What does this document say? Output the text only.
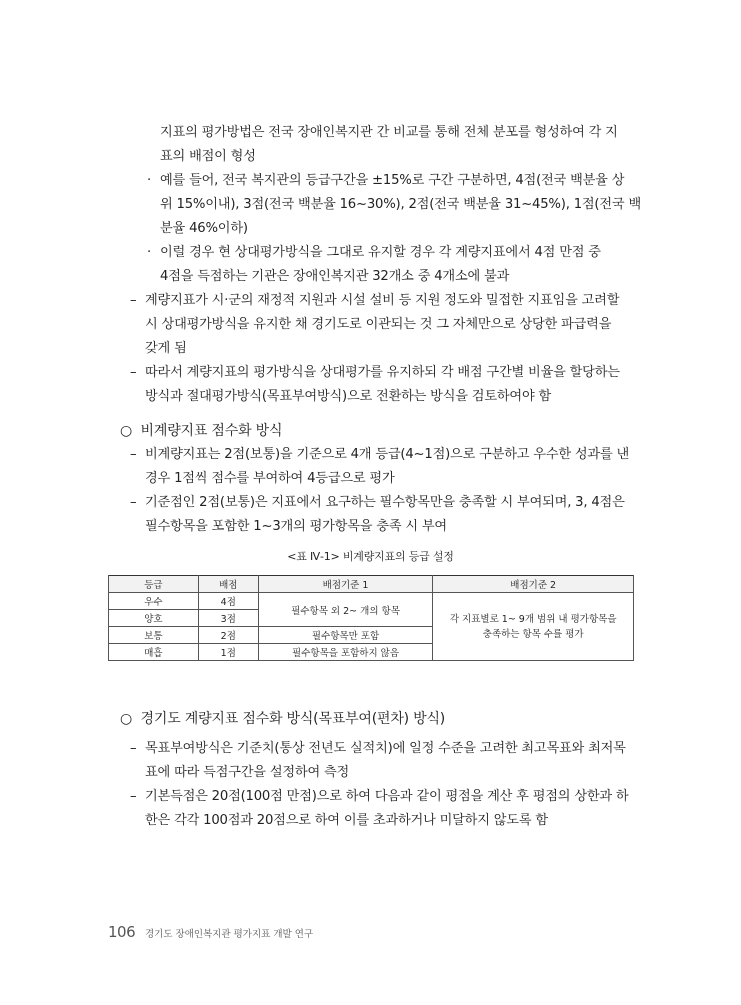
지표의 평가방법은 전국 장애인복지관 간 비교를 통해 전체 분포를 형성하여 각 지
표의 배점이 형성
· 예를 들어, 전국 복지관의 등급구간을 ±15%로 구간 구분하면, 4점(전국 백분율 상
위 15%이내), 3점(전국 백분율 16~30%), 2점(전국 백분율 31~45%), 1점(전국 백
분율 46%이하)
· 이럴 경우 현 상대평가방식을 그대로 유지할 경우 각 계량지표에서 4점 만점 중
4점을 득점하는 기관은 장애인복지관 32개소 중 4개소에 불과
– 계량지표가 시·군의 재정적 지원과 시설 설비 등 지원 정도와 밀접한 지표임을 고려할
시 상대평가방식을 유지한 채 경기도로 이관되는 것 그 자체만으로 상당한 파급력을
갖게 됨
– 따라서 계량지표의 평가방식을 상대평가를 유지하되 각 배점 구간별 비율을 할당하는
방식과 절대평가방식(목표부여방식)으로 전환하는 방식을 검토하여야 함
○ 비계량지표 점수화 방식
– 비계량지표는 2점(보통)을 기준으로 4개 등급(4~1점)으로 구분하고 우수한 성과를 낸
경우 1점씩 점수를 부여하여 4등급으로 평가
– 기준점인 2점(보통)은 지표에서 요구하는 필수항목만을 충족할 시 부여되며, 3, 4점은
필수항목을 포함한 1~3개의 평가항목을 충족 시 부여
<표 Ⅳ-1> 비계량지표의 등급 설정
등급	배점	배점기준 1	배점기준 2
우수	4점	필수항목 외 2~ 개의 항목	각 지표별로 1~ 9개 범위 내 평가항목을
충족하는 항목 수를 평가
양호	3점		
보통	2점	필수항목만 포함	
매흡	1점	필수항목을 포함하지 않음	
○ 경기도 계량지표 점수화 방식(목표부여(편차) 방식)
– 목표부여방식은 기준치(통상 전년도 실적치)에 일정 수준을 고려한 최고목표와 최저목
표에 따라 득점구간을 설정하여 측정
– 기본득점은 20점(100점 만점)으로 하여 다음과 같이 평점을 계산 후 평점의 상한과 하
한은 각각 100점과 20점으로 하여 이를 초과하거나 미달하지 않도록 함
106 경기도 장애인복지관 평가지표 개발 연구
